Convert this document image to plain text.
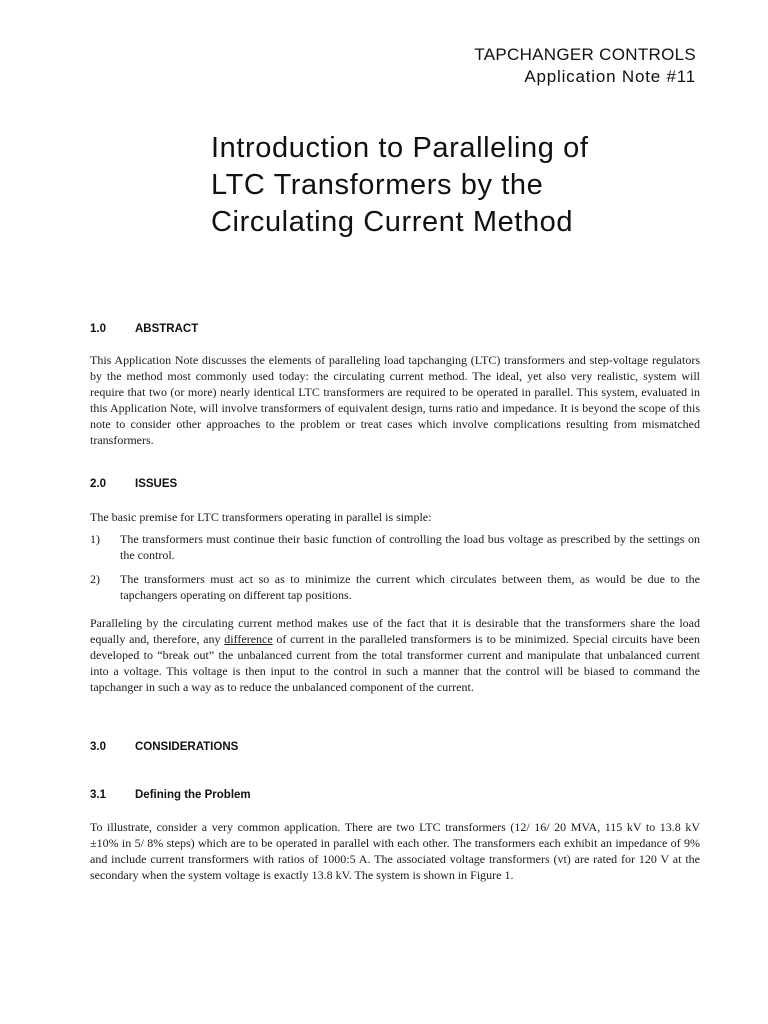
TAPCHANGER CONTROLS
Application Note #11
Introduction to Paralleling of
LTC Transformers by the
Circulating Current Method
1.0	ABSTRACT

This Application Note discusses the elements of paralleling load tapchanging (LTC) transformers and step-voltage regulators by the method most commonly used today: the circulating current method. The ideal, yet also very realistic, system will require that two (or more) nearly identical LTC transformers are required to be operated in parallel. This system, evaluated in this Application Note, will involve transformers of equivalent design, turns ratio and impedance. It is beyond the scope of this note to consider other approaches to the problem or treat cases which involve complications resulting from mismatched transformers.

2.0	ISSUES

The basic premise for LTC transformers operating in parallel is simple:

1) The transformers must continue their basic function of controlling the load bus voltage as prescribed by the settings on the control.
2) The transformers must act so as to minimize the current which circulates between them, as would be due to the tapchangers operating on different tap positions.

Paralleling by the circulating current method makes use of the fact that it is desirable that the transformers share the load equally and, therefore, any difference of current in the paralleled transformers is to be minimized. Special circuits have been developed to “break out” the unbalanced current from the total transformer current and manipulate that unbalanced current into a voltage. This voltage is then input to the control in such a manner that the control will be biased to command the tapchanger in such a way as to reduce the unbalanced component of the current.

3.0	CONSIDERATIONS
3.1	Defining the Problem

To illustrate, consider a very common application. There are two LTC transformers (12/ 16/ 20 MVA, 115 kV to 13.8 kV ±10% in 5/ 8% steps) which are to be operated in parallel with each other. The transformers each exhibit an impedance of 9% and include current transformers with ratios of 1000:5 A. The associated voltage transformers (vt) are rated for 120 V at the secondary when the system voltage is exactly 13.8 kV. The system is shown in Figure 1.
